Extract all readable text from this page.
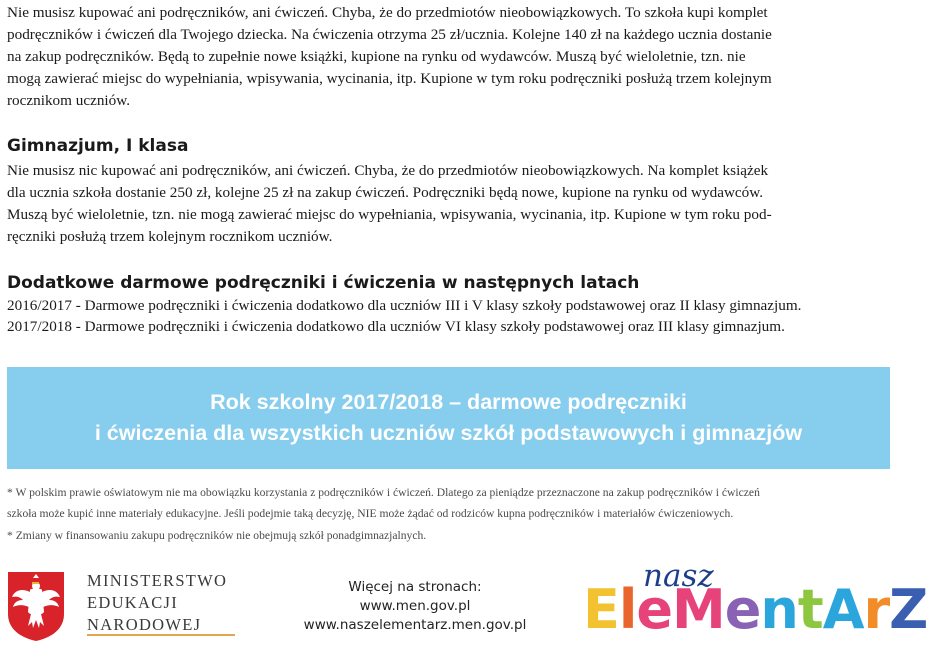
Nie musisz kupować ani podręczników, ani ćwiczeń. Chyba, że do przedmiotów nieobowiązkowych. To szkoła kupi komplet
podręczników i ćwiczeń dla Twojego dziecka. Na ćwiczenia otrzyma 25 zł/ucznia. Kolejne 140 zł na każdego ucznia dostanie
na zakup podręczników. Będą to zupełnie nowe książki, kupione na rynku od wydawców. Muszą być wieloletnie, tzn. nie
mogą zawierać miejsc do wypełniania, wpisywania, wycinania, itp. Kupione w tym roku podręczniki posłużą trzem kolejnym
rocznikom uczniów.
Gimnazjum, I klasa
Nie musisz nic kupować ani podręczników, ani ćwiczeń. Chyba, że do przedmiotów nieobowiązkowych. Na komplet książek
dla ucznia szkoła dostanie 250 zł, kolejne 25 zł na zakup ćwiczeń. Podręczniki będą nowe, kupione na rynku od wydawców.
Muszą być wieloletnie, tzn. nie mogą zawierać miejsc do wypełniania, wpisywania, wycinania, itp. Kupione w tym roku pod-
ręczniki posłużą trzem kolejnym rocznikom uczniów.
Dodatkowe darmowe podręczniki i ćwiczenia w następnych latach
2016/2017 - Darmowe podręczniki i ćwiczenia dodatkowo dla uczniów III i V klasy szkoły podstawowej oraz II klasy gimnazjum.
2017/2018 - Darmowe podręczniki i ćwiczenia dodatkowo dla uczniów VI klasy szkoły podstawowej oraz III klasy gimnazjum.
Rok szkolny 2017/2018 – darmowe podręczniki
i ćwiczenia dla wszystkich uczniów szkół podstawowych i gimnazjów
* W polskim prawie oświatowym nie ma obowiązku korzystania z podręczników i ćwiczeń. Dlatego za pieniądze przeznaczone na zakup podręczników i ćwiczeń
szkoła może kupić inne materiały edukacyjne. Jeśli podejmie taką decyzję, NIE może żądać od rodziców kupna podręczników i materiałów ćwiczeniowych.
* Zmiany w finansowaniu zakupu podręczników nie obejmują szkół ponadgimnazjalnych.
MINISTERSTWO
EDUKACJI
NARODOWEJ
Więcej na stronach:
www.men.gov.pl
www.naszelementarz.men.gov.pl
nasz
EleMentArZ
